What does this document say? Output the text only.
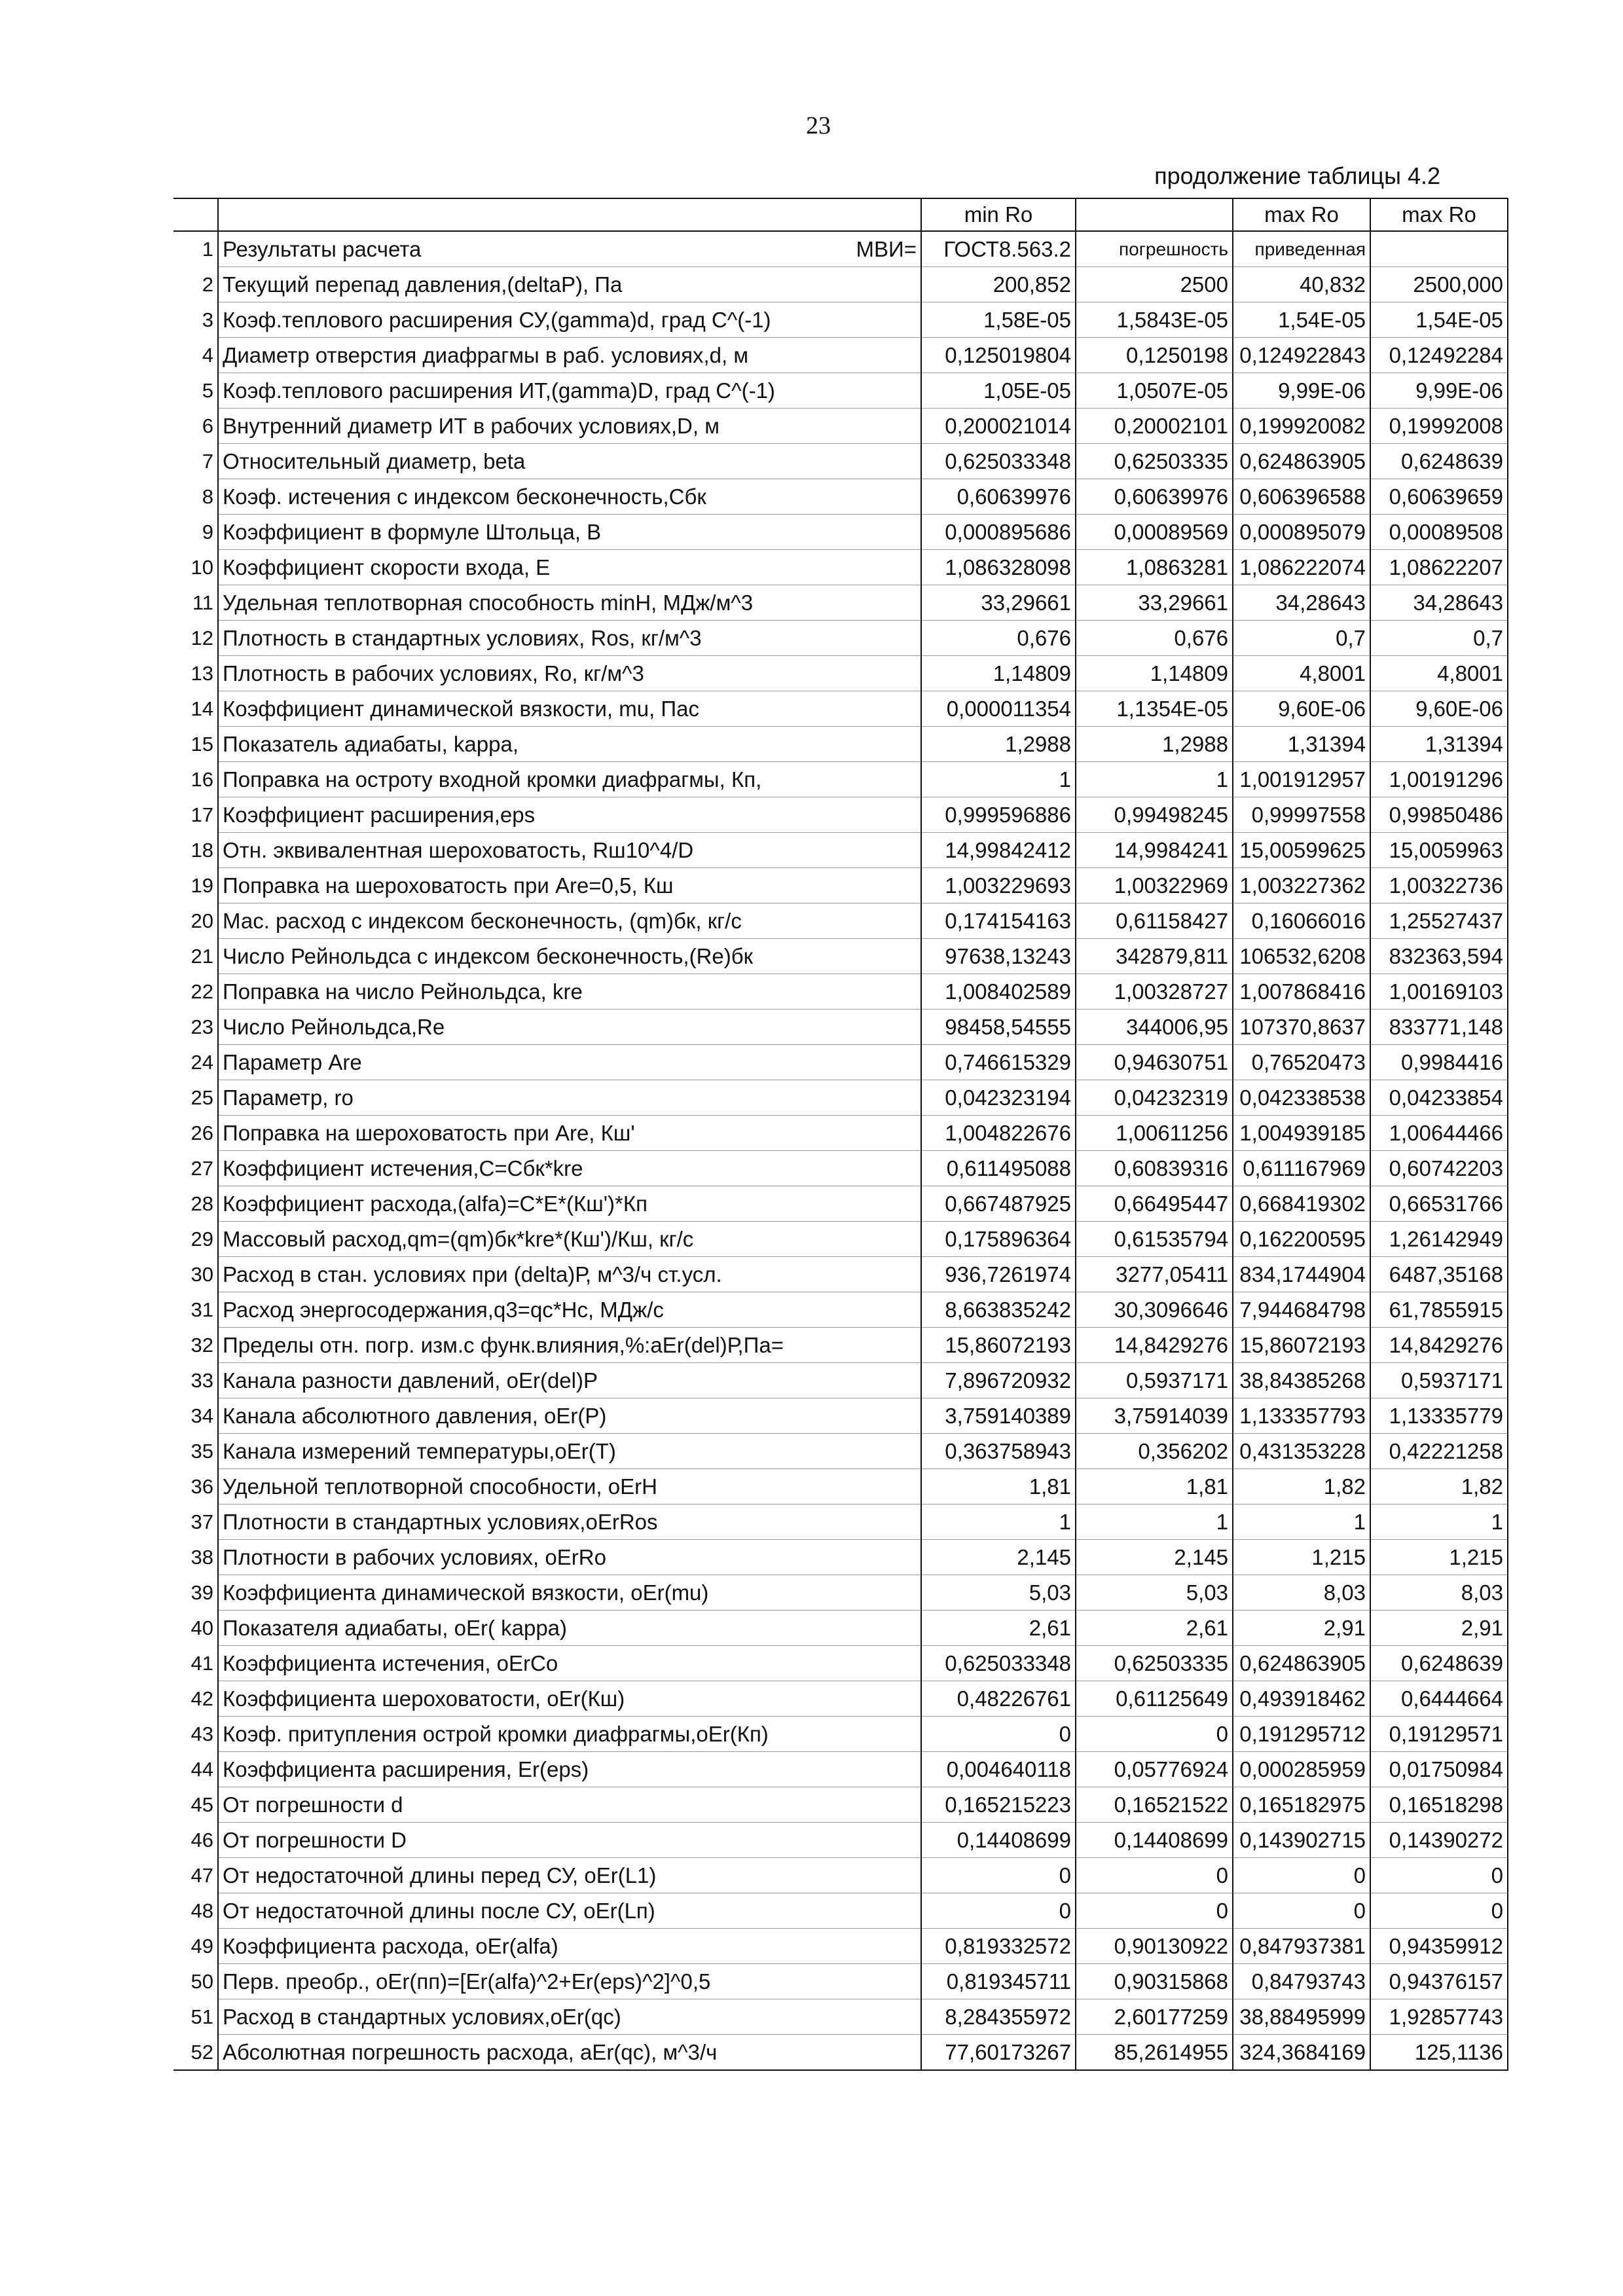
23
продолжение таблицы 4.2
		min Ro		max Ro	max Ro
1	Результаты расчета МВИ=	ГОСТ8.563.2	погрешность	приведенная	
2	Текущий перепад давления,(deltaP), Па	200,852	2500	40,832	2500,000
3	Коэф.теплового расширения СУ,(gamma)d, град С^(-1)	1,58E-05	1,5843E-05	1,54E-05	1,54E-05
4	Диаметр отверстия диафрагмы в раб. условиях,d, м	0,125019804	0,1250198	0,124922843	0,12492284
5	Коэф.теплового расширения ИТ,(gamma)D, град С^(-1)	1,05E-05	1,0507E-05	9,99E-06	9,99E-06
6	Внутренний диаметр ИТ в рабочих условиях,D, м	0,200021014	0,20002101	0,199920082	0,19992008
7	Относительный диаметр, beta	0,625033348	0,62503335	0,624863905	0,6248639
8	Коэф. истечения с индексом бесконечность,Сбк	0,60639976	0,60639976	0,606396588	0,60639659
9	Коэффициент в формуле Штольца, В	0,000895686	0,00089569	0,000895079	0,00089508
10	Коэффициент скорости входа, Е	1,086328098	1,0863281	1,086222074	1,08622207
11	Удельная теплотворная способность minH, МДж/м^3	33,29661	33,29661	34,28643	34,28643
12	Плотность в стандартных условиях, Ros, кг/м^3	0,676	0,676	0,7	0,7
13	Плотность в рабочих условиях, Ro, кг/м^3	1,14809	1,14809	4,8001	4,8001
14	Коэффициент динамической вязкости, mu, Пас	0,000011354	1,1354E-05	9,60E-06	9,60E-06
15	Показатель адиабаты, kappa,	1,2988	1,2988	1,31394	1,31394
16	Поправка на остроту входной кромки диафрагмы, Кп,	1	1	1,001912957	1,00191296
17	Коэффициент расширения,eps	0,999596886	0,99498245	0,99997558	0,99850486
18	Отн. эквивалентная шероховатость, Rш10^4/D	14,99842412	14,9984241	15,00599625	15,0059963
19	Поправка на шероховатость при Are=0,5, Кш	1,003229693	1,00322969	1,003227362	1,00322736
20	Мас. расход с индексом бесконечность, (qm)бк, кг/с	0,174154163	0,61158427	0,16066016	1,25527437
21	Число Рейнольдса с индексом бесконечность,(Re)бк	97638,13243	342879,811	106532,6208	832363,594
22	Поправка на число Рейнольдса, kre	1,008402589	1,00328727	1,007868416	1,00169103
23	Число Рейнольдса,Re	98458,54555	344006,95	107370,8637	833771,148
24	Параметр Are	0,746615329	0,94630751	0,76520473	0,9984416
25	Параметр, ro	0,042323194	0,04232319	0,042338538	0,04233854
26	Поправка на шероховатость при Are, Кш'	1,004822676	1,00611256	1,004939185	1,00644466
27	Коэффициент истечения,С=Сбк*kre	0,611495088	0,60839316	0,611167969	0,60742203
28	Коэффициент расхода,(alfa)=С*Е*(Кш')*Кп	0,667487925	0,66495447	0,668419302	0,66531766
29	Массовый расход,qm=(qm)бк*kre*(Кш')/Кш, кг/с	0,175896364	0,61535794	0,162200595	1,26142949
30	Расход в стан. условиях при (delta)Р, м^3/ч ст.усл.	936,7261974	3277,05411	834,1744904	6487,35168
31	Расход энергосодержания,q3=qc*Нс, МДж/с	8,663835242	30,3096646	7,944684798	61,7855915
32	Пределы отн. погр. изм.с функ.влияния,%:aEr(del)Р,Па=	15,86072193	14,8429276	15,86072193	14,8429276
33	Канала разности давлений, оEr(del)Р	7,896720932	0,5937171	38,84385268	0,5937171
34	Канала абсолютного давления, оEr(Р)	3,759140389	3,75914039	1,133357793	1,13335779
35	Канала измерений температуры,оEr(Т)	0,363758943	0,356202	0,431353228	0,42221258
36	Удельной теплотворной способности, oErH	1,81	1,81	1,82	1,82
37	Плотности в стандартных условиях,oErRos	1	1	1	1
38	Плотности в рабочих условиях, oErRo	2,145	2,145	1,215	1,215
39	Коэффициента динамической вязкости, oEr(mu)	5,03	5,03	8,03	8,03
40	Показателя адиабаты, oEr( kappa)	2,61	2,61	2,91	2,91
41	Коэффициента истечения, oErCo	0,625033348	0,62503335	0,624863905	0,6248639
42	Коэффициента шероховатости, oEr(Кш)	0,48226761	0,61125649	0,493918462	0,6444664
43	Коэф. притупления острой кромки диафрагмы,oEr(Кп)	0	0	0,191295712	0,19129571
44	Коэффициента расширения, Er(eps)	0,004640118	0,05776924	0,000285959	0,01750984
45	От погрешности d	0,165215223	0,16521522	0,165182975	0,16518298
46	От погрешности D	0,14408699	0,14408699	0,143902715	0,14390272
47	От недостаточной длины перед СУ, oEr(L1)	0	0	0	0
48	От недостаточной длины после СУ, oEr(Lп)	0	0	0	0
49	Коэффициента расхода, oEr(alfa)	0,819332572	0,90130922	0,847937381	0,94359912
50	Перв. преобр., oEr(пп)=[Er(alfa)^2+Er(eps)^2]^0,5	0,819345711	0,90315868	0,84793743	0,94376157
51	Расход в стандартных условиях,oEr(qc)	8,284355972	2,60177259	38,88495999	1,92857743
52	Абсолютная погрешность расхода, aEr(qc), м^3/ч	77,60173267	85,2614955	324,3684169	125,1136
